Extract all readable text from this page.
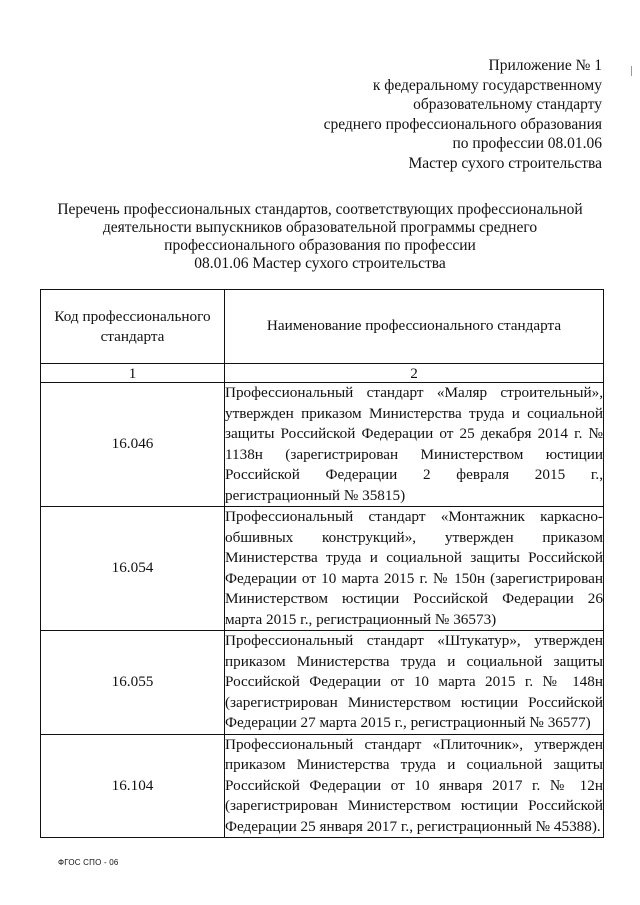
Приложение № 1
к федеральному государственному
образовательному стандарту
среднего профессионального образования
по профессии 08.01.06
Мастер сухого строительства
Перечень профессиональных стандартов, соответствующих профессиональной
деятельности выпускников образовательной программы среднего
профессионального образования по профессии
08.01.06 Мастер сухого строительства
Код профессионального стандарта	Наименование профессионального стандарта
1	2
16.046	Профессиональный стандарт «Маляр строительный», утвержден приказом Министерства труда и социальной защиты Российской Федерации от 25 декабря 2014 г. № 1138н (зарегистрирован Министерством юстиции Российской Федерации 2 февраля 2015 г., регистрационный № 35815)
16.054	Профессиональный стандарт «Монтажник каркасно-обшивных конструкций», утвержден приказом Министерства труда и социальной защиты Российской Федерации от 10 марта 2015 г. № 150н (зарегистрирован Министерством юстиции Российской Федерации 26 марта 2015 г., регистрационный № 36573)
16.055	Профессиональный стандарт «Штукатур», утвержден приказом Министерства труда и социальной защиты Российской Федерации от 10 марта 2015 г. № 148н (зарегистрирован Министерством юстиции Российской Федерации 27 марта 2015 г., регистрационный № 36577)
16.104	Профессиональный стандарт «Плиточник», утвержден приказом Министерства труда и социальной защиты Российской Федерации от 10 января 2017 г. № 12н (зарегистрирован Министерством юстиции Российской Федерации 25 января 2017 г., регистрационный № 45388).
ФГОС СПО - 06
